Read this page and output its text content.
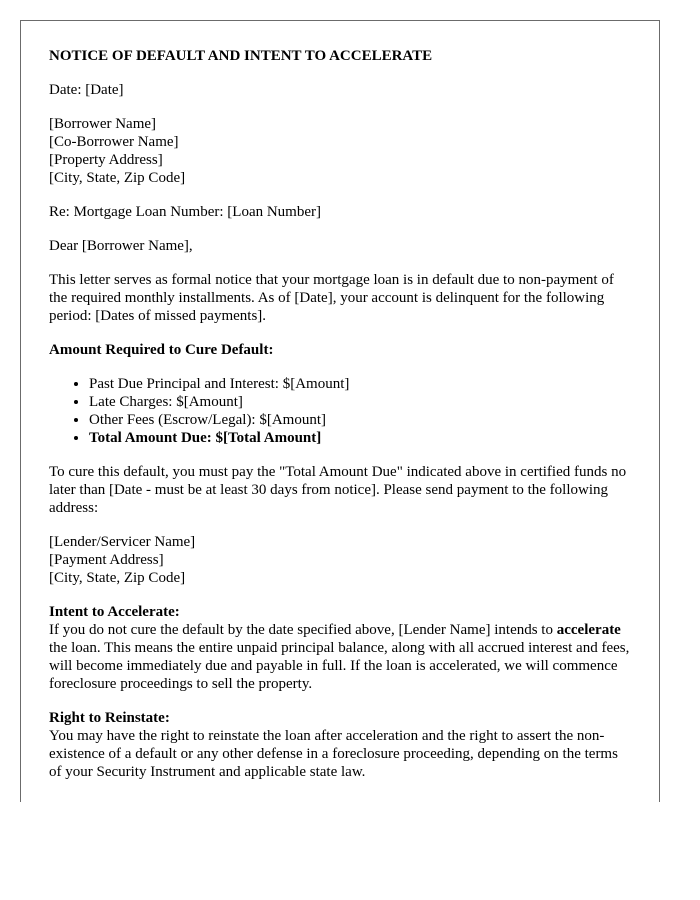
NOTICE OF DEFAULT AND INTENT TO ACCELERATE

Date: [Date]

[Borrower Name]
[Co-Borrower Name]
[Property Address]
[City, State, Zip Code]

Re: Mortgage Loan Number: [Loan Number]

Dear [Borrower Name],

This letter serves as formal notice that your mortgage loan is in default due to non-payment of the required monthly installments. As of [Date], your account is delinquent for the following period: [Dates of missed payments].

Amount Required to Cure Default:

• Past Due Principal and Interest: $[Amount]
• Late Charges: $[Amount]
• Other Fees (Escrow/Legal): $[Amount]
• Total Amount Due: $[Total Amount]

To cure this default, you must pay the "Total Amount Due" indicated above in certified funds no later than [Date - must be at least 30 days from notice]. Please send payment to the following address:

[Lender/Servicer Name]
[Payment Address]
[City, State, Zip Code]
Intent to Accelerate:
If you do not cure the default by the date specified above, [Lender Name] intends to accelerate the loan. This means the entire unpaid principal balance, along with all accrued interest and fees, will become immediately due and payable in full. If the loan is accelerated, we will commence foreclosure proceedings to sell the property.
Right to Reinstate:
You may have the right to reinstate the loan after acceleration and the right to assert the non-existence of a default or any other defense in a foreclosure proceeding, depending on the terms of your Security Instrument and applicable state law.
